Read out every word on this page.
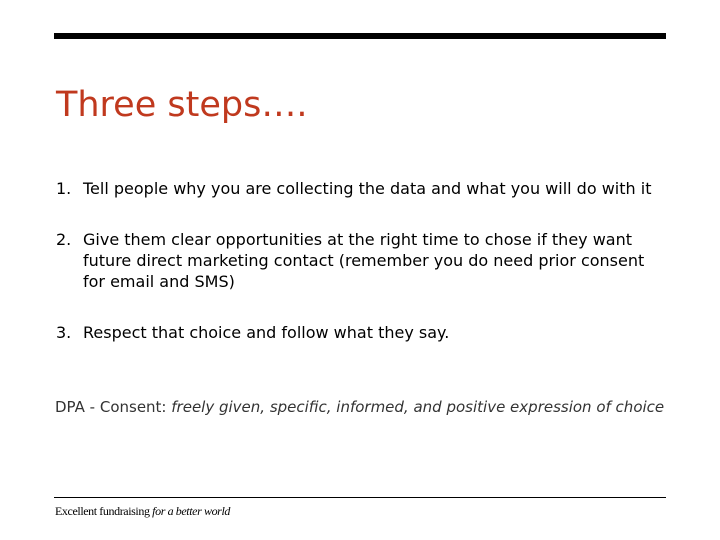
Three steps….
1. Tell people why you are collecting the data and what you will do with it
2. Give them clear opportunities at the right time to chose if they want future direct marketing contact (remember you do need prior consent for email and SMS)
3. Respect that choice and follow what they say.

DPA - Consent: freely given, specific, informed, and positive expression of choice

Excellent fundraising for a better world
